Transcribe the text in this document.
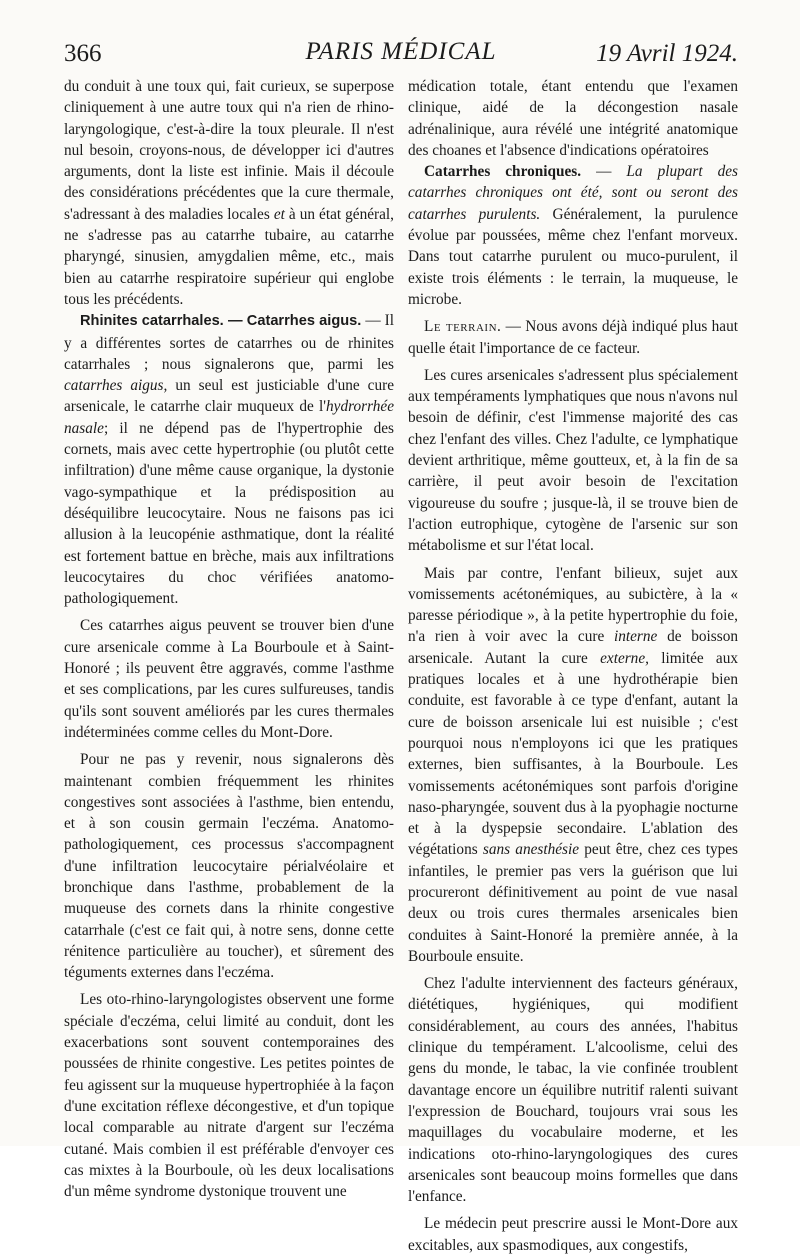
366	PARIS MÉDICAL	19 Avril 1924.

du conduit à une toux qui, fait curieux, se superpose cliniquement à une autre toux qui n'a rien de rhino-laryngologique, c'est-à-dire la toux pleurale. Il n'est nul besoin, croyons-nous, de développer ici d'autres arguments, dont la liste est infinie. Mais il découle des considérations précédentes que la cure thermale, s'adressant à des maladies locales et à un état général, ne s'adresse pas au catarrhe tubaire, au catarrhe pharyngé, sinusien, amygdalien même, etc., mais bien au catarrhe respiratoire supérieur qui englobe tous les précédents.

Rhinites catarrhales. — Catarrhes aigus. — Il y a différentes sortes de catarrhes ou de rhinites catarrhales ; nous signalerons que, parmi les catarrhes aigus, un seul est justiciable d'une cure arsenicale, le catarrhe clair muqueux de l'hydrorrhée nasale; il ne dépend pas de l'hypertrophie des cornets, mais avec cette hypertrophie (ou plutôt cette infiltration) d'une même cause organique, la dystonie vago-sympathique et la prédisposition au déséquilibre leucocytaire. Nous ne faisons pas ici allusion à la leucopénie asthmatique, dont la réalité est fortement battue en brèche, mais aux infiltrations leucocytaires du choc vérifiées anatomo-pathologiquement.

Ces catarrhes aigus peuvent se trouver bien d'une cure arsenicale comme à La Bourboule et à Saint-Honoré ; ils peuvent être aggravés, comme l'asthme et ses complications, par les cures sulfureuses, tandis qu'ils sont souvent améliorés par les cures thermales indéterminées comme celles du Mont-Dore.

Pour ne pas y revenir, nous signalerons dès maintenant combien fréquemment les rhinites congestives sont associées à l'asthme, bien entendu, et à son cousin germain l'eczéma. Anatomo-pathologiquement, ces processus s'accompagnent d'une infiltration leucocytaire périalvéolaire et bronchique dans l'asthme, probablement de la muqueuse des cornets dans la rhinite congestive catarrhale (c'est ce fait qui, à notre sens, donne cette rénitence particulière au toucher), et sûrement des téguments externes dans l'eczéma.

Les oto-rhino-laryngologistes observent une forme spéciale d'eczéma, celui limité au conduit, dont les exacerbations sont souvent contemporaines des poussées de rhinite congestive. Les petites pointes de feu agissent sur la muqueuse hypertrophiée à la façon d'une excitation réflexe décongestive, et d'un topique local comparable au nitrate d'argent sur l'eczéma cutané. Mais combien il est préférable d'envoyer ces cas mixtes à la Bourboule, où les deux localisations d'un même syndrome dystonique trouvent une

médication totale, étant entendu que l'examen clinique, aidé de la décongestion nasale adrénalinique, aura révélé une intégrité anatomique des choanes et l'absence d'indications opératoires

Catarrhes chroniques. — La plupart des catarrhes chroniques ont été, sont ou seront des catarrhes purulents. Généralement, la purulence évolue par poussées, même chez l'enfant morveux. Dans tout catarrhe purulent ou muco-purulent, il existe trois éléments : le terrain, la muqueuse, le microbe.

Le terrain. — Nous avons déjà indiqué plus haut quelle était l'importance de ce facteur.

Les cures arsenicales s'adressent plus spécialement aux tempéraments lymphatiques que nous n'avons nul besoin de définir, c'est l'immense majorité des cas chez l'enfant des villes. Chez l'adulte, ce lymphatique devient arthritique, même goutteux, et, à la fin de sa carrière, il peut avoir besoin de l'excitation vigoureuse du soufre ; jusque-là, il se trouve bien de l'action eutrophique, cytogène de l'arsenic sur son métabolisme et sur l'état local.

Mais par contre, l'enfant bilieux, sujet aux vomissements acétonémiques, au subictère, à la « paresse périodique », à la petite hypertrophie du foie, n'a rien à voir avec la cure interne de boisson arsenicale. Autant la cure externe, limitée aux pratiques locales et à une hydrothérapie bien conduite, est favorable à ce type d'enfant, autant la cure de boisson arsenicale lui est nuisible ; c'est pourquoi nous n'employons ici que les pratiques externes, bien suffisantes, à la Bourboule. Les vomissements acétonémiques sont parfois d'origine naso-pharyngée, souvent dus à la pyophagie nocturne et à la dyspepsie secondaire. L'ablation des végétations sans anesthésie peut être, chez ces types infantiles, le premier pas vers la guérison que lui procureront définitivement au point de vue nasal deux ou trois cures thermales arsenicales bien conduites à Saint-Honoré la première année, à la Bourboule ensuite.

Chez l'adulte interviennent des facteurs généraux, diététiques, hygiéniques, qui modifient considérablement, au cours des années, l'habitus clinique du tempérament. L'alcoolisme, celui des gens du monde, le tabac, la vie confinée troublent davantage encore un équilibre nutritif ralenti suivant l'expression de Bouchard, toujours vrai sous les maquillages du vocabulaire moderne, et les indications oto-rhino-laryngologiques des cures arsenicales sont beaucoup moins formelles que dans l'enfance.

Le médecin peut prescrire aussi le Mont-Dore aux excitables, aux spasmodiques, aux congestifs,
